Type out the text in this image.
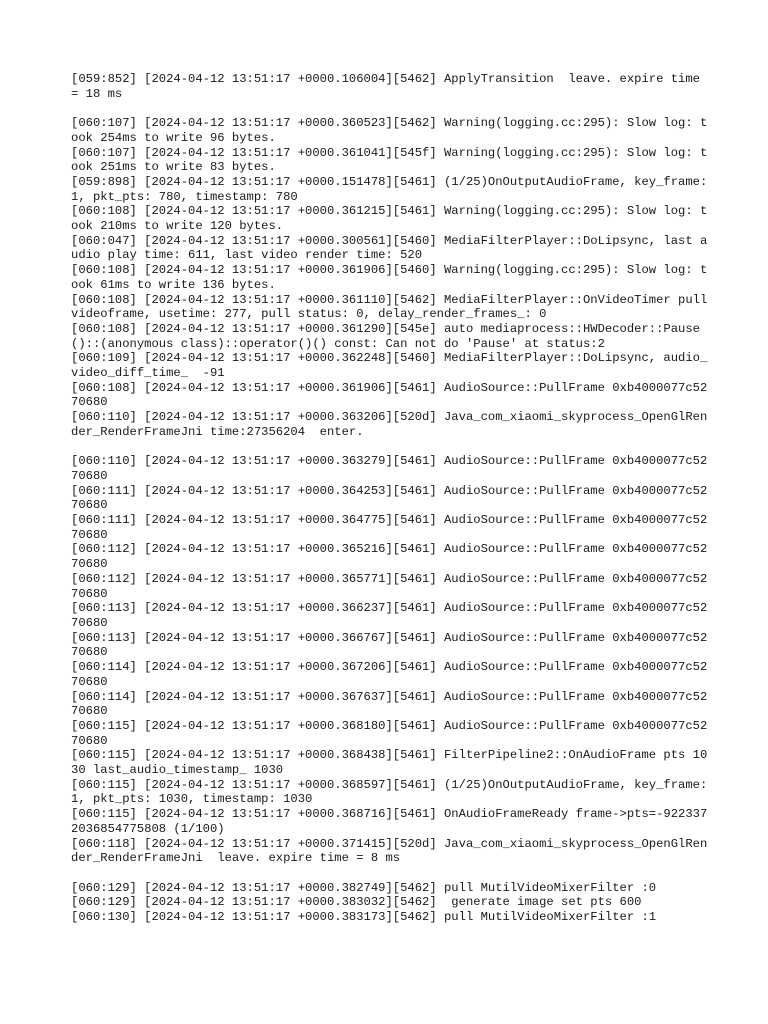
[059:852] [2024-04-12 13:51:17 +0000.106004][5462] ApplyTransition  leave. expire time = 18 ms
[060:107] [2024-04-12 13:51:17 +0000.360523][5462] Warning(logging.cc:295): Slow log: took 254ms to write 96 bytes.
[060:107] [2024-04-12 13:51:17 +0000.361041][545f] Warning(logging.cc:295): Slow log: took 251ms to write 83 bytes.
[059:898] [2024-04-12 13:51:17 +0000.151478][5461] (1/25)OnOutputAudioFrame, key_frame: 1, pkt_pts: 780, timestamp: 780
[060:108] [2024-04-12 13:51:17 +0000.361215][5461] Warning(logging.cc:295): Slow log: took 210ms to write 120 bytes.
[060:047] [2024-04-12 13:51:17 +0000.300561][5460] MediaFilterPlayer::DoLipsync, last audio play time: 611, last video render time: 520
[060:108] [2024-04-12 13:51:17 +0000.361906][5460] Warning(logging.cc:295): Slow log: took 61ms to write 136 bytes.
[060:108] [2024-04-12 13:51:17 +0000.361110][5462] MediaFilterPlayer::OnVideoTimer pullvideoframe, usetime: 277, pull status: 0, delay_render_frames_: 0
[060:108] [2024-04-12 13:51:17 +0000.361290][545e] auto mediaprocess::HWDecoder::Pause()::(anonymous class)::operator()() const: Can not do 'Pause' at status:2
[060:109] [2024-04-12 13:51:17 +0000.362248][5460] MediaFilterPlayer::DoLipsync, audio_video_diff_time_  -91
[060:108] [2024-04-12 13:51:17 +0000.361906][5461] AudioSource::PullFrame 0xb4000077c5270680
[060:110] [2024-04-12 13:51:17 +0000.363206][520d] Java_com_xiaomi_skyprocess_OpenGlRender_RenderFrameJni time:27356204  enter.
[060:110] [2024-04-12 13:51:17 +0000.363279][5461] AudioSource::PullFrame 0xb4000077c5270680
[060:111] [2024-04-12 13:51:17 +0000.364253][5461] AudioSource::PullFrame 0xb4000077c5270680
[060:111] [2024-04-12 13:51:17 +0000.364775][5461] AudioSource::PullFrame 0xb4000077c5270680
[060:112] [2024-04-12 13:51:17 +0000.365216][5461] AudioSource::PullFrame 0xb4000077c5270680
[060:112] [2024-04-12 13:51:17 +0000.365771][5461] AudioSource::PullFrame 0xb4000077c5270680
[060:113] [2024-04-12 13:51:17 +0000.366237][5461] AudioSource::PullFrame 0xb4000077c5270680
[060:113] [2024-04-12 13:51:17 +0000.366767][5461] AudioSource::PullFrame 0xb4000077c5270680
[060:114] [2024-04-12 13:51:17 +0000.367206][5461] AudioSource::PullFrame 0xb4000077c5270680
[060:114] [2024-04-12 13:51:17 +0000.367637][5461] AudioSource::PullFrame 0xb4000077c5270680
[060:115] [2024-04-12 13:51:17 +0000.368180][5461] AudioSource::PullFrame 0xb4000077c5270680
[060:115] [2024-04-12 13:51:17 +0000.368438][5461] FilterPipeline2::OnAudioFrame pts 1030 last_audio_timestamp_ 1030
[060:115] [2024-04-12 13:51:17 +0000.368597][5461] (1/25)OnOutputAudioFrame, key_frame: 1, pkt_pts: 1030, timestamp: 1030
[060:115] [2024-04-12 13:51:17 +0000.368716][5461] OnAudioFrameReady frame->pts=-9223372036854775808 (1/100)
[060:118] [2024-04-12 13:51:17 +0000.371415][520d] Java_com_xiaomi_skyprocess_OpenGlRender_RenderFrameJni  leave. expire time = 8 ms
[060:129] [2024-04-12 13:51:17 +0000.382749][5462] pull MutilVideoMixerFilter :0
[060:129] [2024-04-12 13:51:17 +0000.383032][5462]  generate image set pts 600
[060:130] [2024-04-12 13:51:17 +0000.383173][5462] pull MutilVideoMixerFilter :1
